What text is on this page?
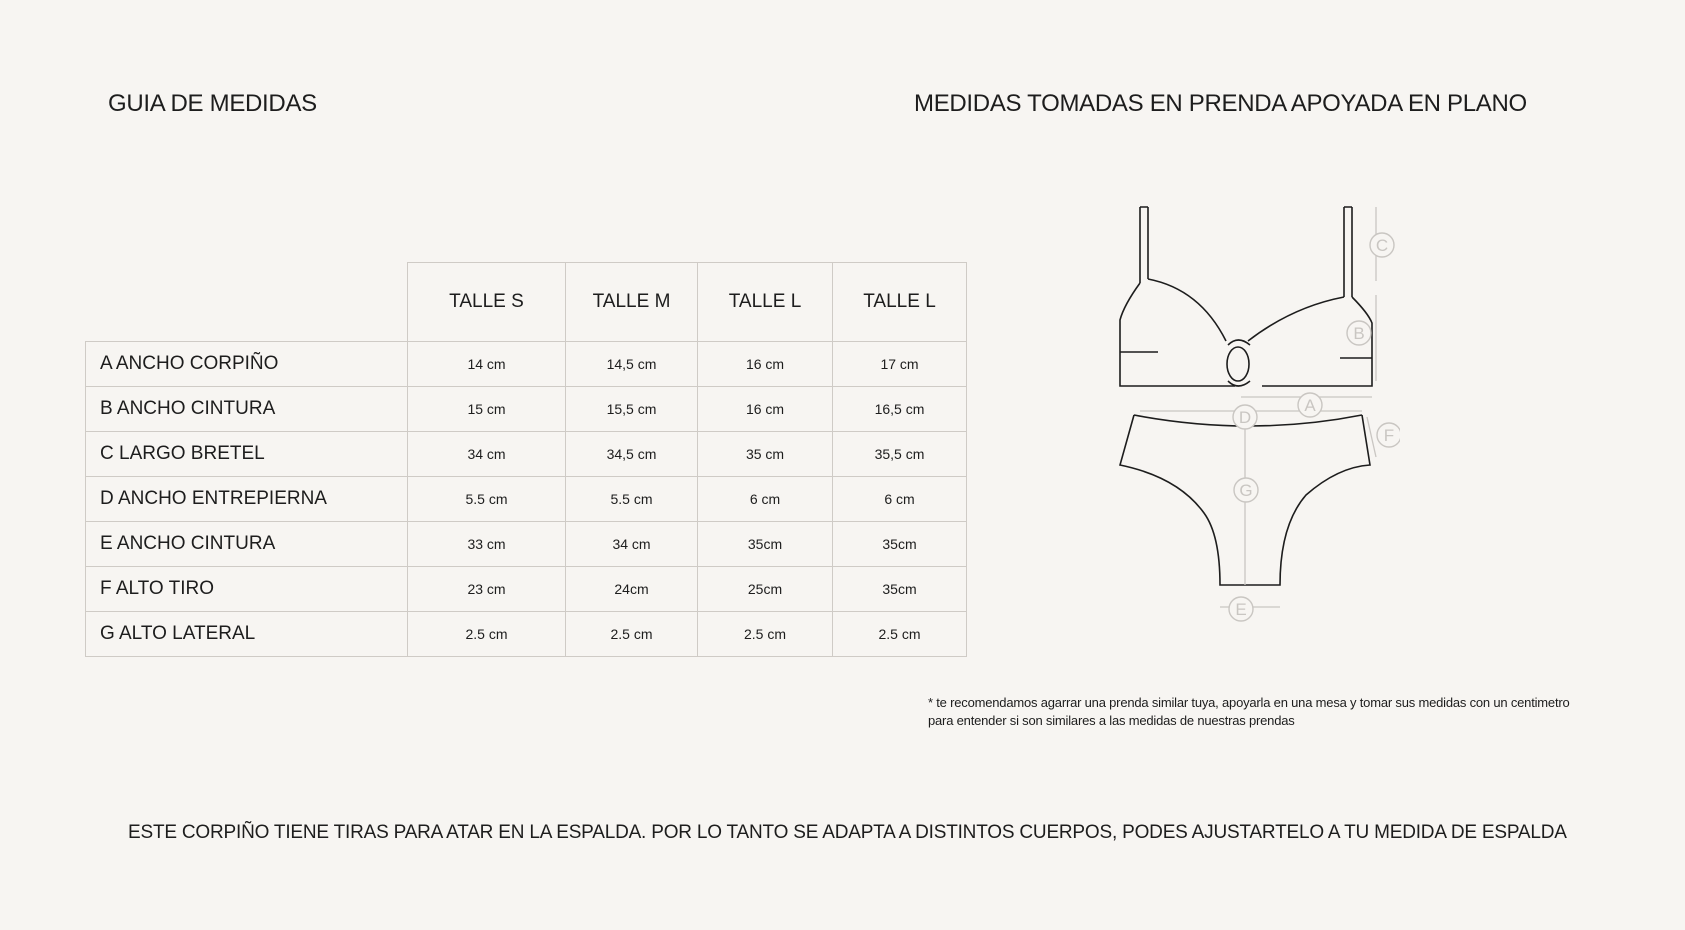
GUIA DE MEDIDAS	MEDIDAS TOMADAS EN PRENDA APOYADA EN PLANO
	TALLE S	TALLE M	TALLE L	TALLE L
A ANCHO CORPIÑO	14 cm	14,5 cm	16 cm	17 cm
B ANCHO CINTURA	15 cm	15,5 cm	16 cm	16,5 cm
C LARGO BRETEL	34 cm	34,5 cm	35 cm	35,5 cm
D ANCHO ENTREPIERNA	5.5 cm	5.5 cm	6 cm	6 cm
E ANCHO CINTURA	33 cm	34 cm	35cm	35cm
F ALTO TIRO	23 cm	24cm	25cm	35cm
G ALTO LATERAL	2.5 cm	2.5 cm	2.5 cm	2.5 cm
C
B
A
D
F
G
E
* te recomendamos agarrar una prenda similar tuya, apoyarla en una mesa y tomar sus medidas con un centimetro
para entender si son similares a las medidas de nuestras prendas
ESTE CORPIÑO TIENE TIRAS PARA ATAR EN LA ESPALDA. POR LO TANTO SE ADAPTA A DISTINTOS CUERPOS, PODES AJUSTARTELO A TU MEDIDA DE ESPALDA
